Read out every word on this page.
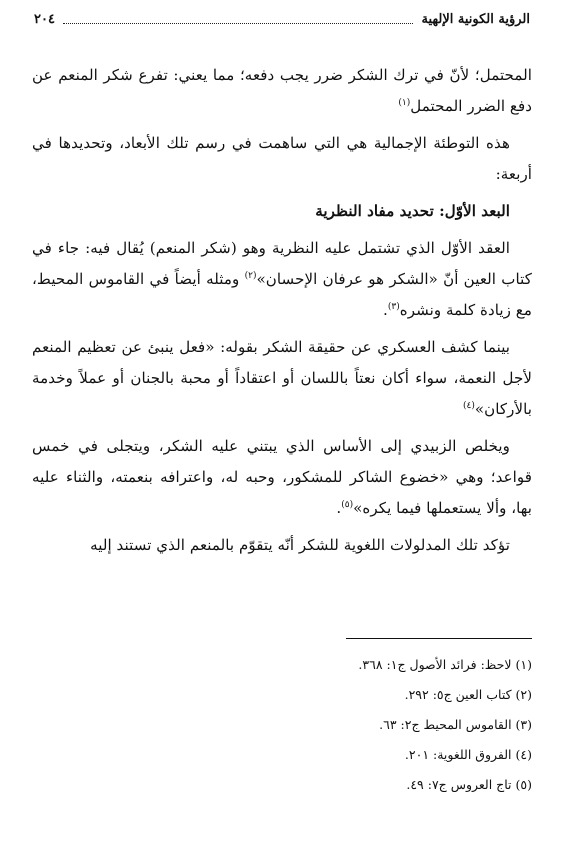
الرؤية الكونية الإلهية
٢٠٤

المحتمل؛ لأنّ في ترك الشكر ضرر يجب دفعه؛ مما يعني: تفرع شكر المنعم عن دفع الضرر المحتمل$^{(١)}$

هذه التوطئة الإجمالية هي التي ساهمت في رسم تلك الأبعاد، وتحديدها في أربعة:

البعد الأوّل: تحديد مفاد النظرية

العقد الأوّل الذي تشتمل عليه النظرية وهو (شكر المنعم) يُقال فيه: جاء في كتاب العين أنّ «الشكر هو عرفان الإحسان»$^{(٢)}$ ومثله أيضاً في القاموس المحيط، مع زيادة كلمة ونشره$^{(٣)}$.

بينما كشف العسكري عن حقيقة الشكر بقوله: «فعل ينبئ عن تعظيم المنعم لأجل النعمة، سواء أكان نعتاً باللسان أو اعتقاداً أو محبة بالجنان أو عملاً وخدمة بالأركان»$^{(٤)}$

ويخلص الزبيدي إلى الأساس الذي يبتني عليه الشكر، ويتجلى في خمس قواعد؛ وهي «خضوع الشاكر للمشكور، وحبه له، واعترافه بنعمته، والثناء عليه بها، وألا يستعملها فيما يكره»$^{(٥)}$.

تؤكد تلك المدلولات اللغوية للشكر أنّه يتقوّم بالمنعم الذي تستند إليه

(١) لاحظ: فرائد الأصول ج١: ٣٦٨.
(٢) كتاب العين ج٥: ٢٩٢.
(٣) القاموس المحيط ج٢: ٦٣.
(٤) الفروق اللغوية: ٢٠١.
(٥) تاج العروس ج٧: ٤٩.
